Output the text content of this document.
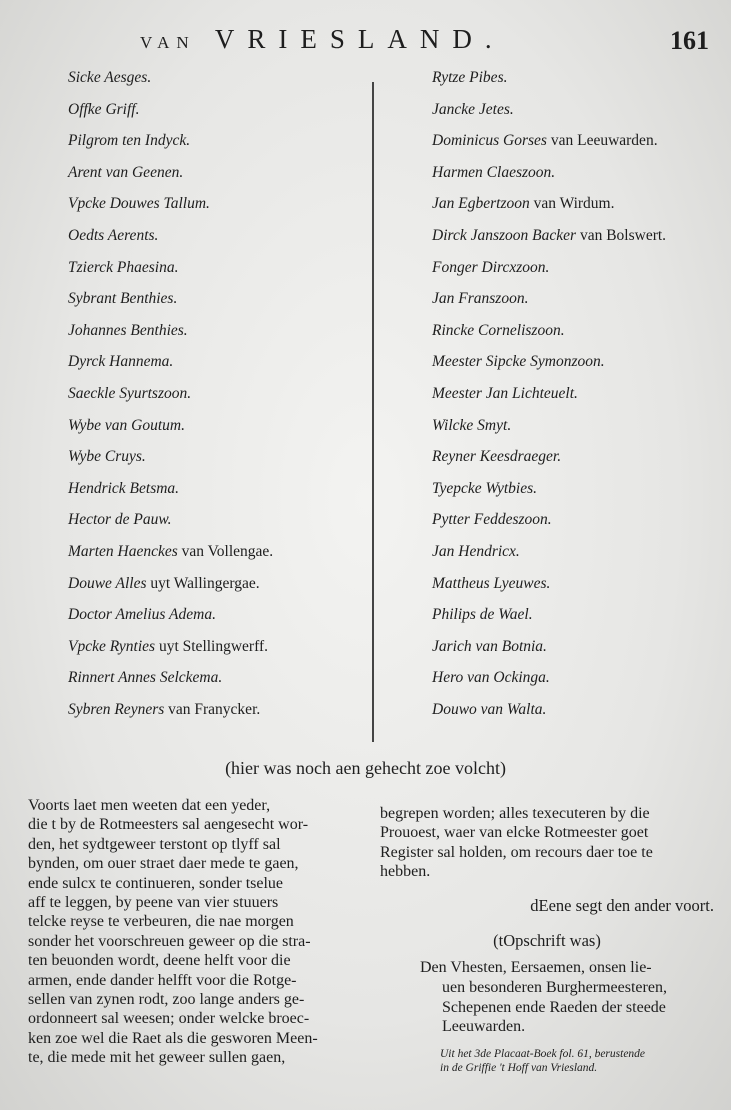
VAN VRIESLAND.	161
Sicke Aesges.
Offke Griff.
Pilgrom ten Indyck.
Arent van Geenen.
Vpcke Douwes Tallum.
Oedts Aerents.
Tzierck Phaesina.
Sybrant Benthies.
Johannes Benthies.
Dyrck Hannema.
Saeckle Syurtszoon.
Wybe van Goutum.
Wybe Cruys.
Hendrick Betsma.
Hector de Pauw.
Marten Haenckes van Vollengae.
Douwe Alles uyt Wallingergae.
Doctor Amelius Adema.
Vpcke Rynties uyt Stellingwerff.
Rinnert Annes Selckema.
Sybren Reyners van Franycker.
Rytze Pibes.
Jancke Jetes.
Dominicus Gorses van Leeuwarden.
Harmen Claeszoon.
Jan Egbertzoon van Wirdum.
Dirck Janszoon Backer van Bolswert.
Fonger Dircxzoon.
Jan Franszoon.
Rincke Corneliszoon.
Meester Sipcke Symonzoon.
Meester Jan Lichteuelt.
Wilcke Smyt.
Reyner Keesdraeger.
Tyepcke Wytbies.
Pytter Feddeszoon.
Jan Hendricx.
Mattheus Lyeuwes.
Philips de Wael.
Jarich van Botnia.
Hero van Ockinga.
Douwo van Walta.
(hier was noch aen gehecht zoe volcht)
Voorts laet men weeten dat een yeder,
die t by de Rotmeesters sal aengesecht wor-
den, het sydtgeweer terstont op tlyff sal
bynden, om ouer straet daer mede te gaen,
ende sulcx te continueren, sonder tselue
aff te leggen, by peene van vier stuuers
telcke reyse te verbeuren, die nae morgen
sonder het voorschreuen geweer op die stra-
ten beuonden wordt, deene helft voor die
armen, ende dander helfft voor die Rotge-
sellen van zynen rodt, zoo lange anders ge-
ordonneert sal weesen; onder welcke broec-
ken zoe wel die Raet als die gesworen Meen-
te, die mede mit het geweer sullen gaen,
begrepen worden; alles texecuteren by die
Prouoest, waer van elcke Rotmeester goet
Register sal holden, om recours daer toe te
hebben.

dEene segt den ander voort.

(tOpschrift was)

Den Vhesten, Eersaemen, onsen lie-
uen besonderen Burghermeesteren,
Schepenen ende Raeden der steede
Leeuwarden.
Uit het 3de Placaat-Boek fol. 61, berustende
in de Griffie 't Hoff van Vriesland.
